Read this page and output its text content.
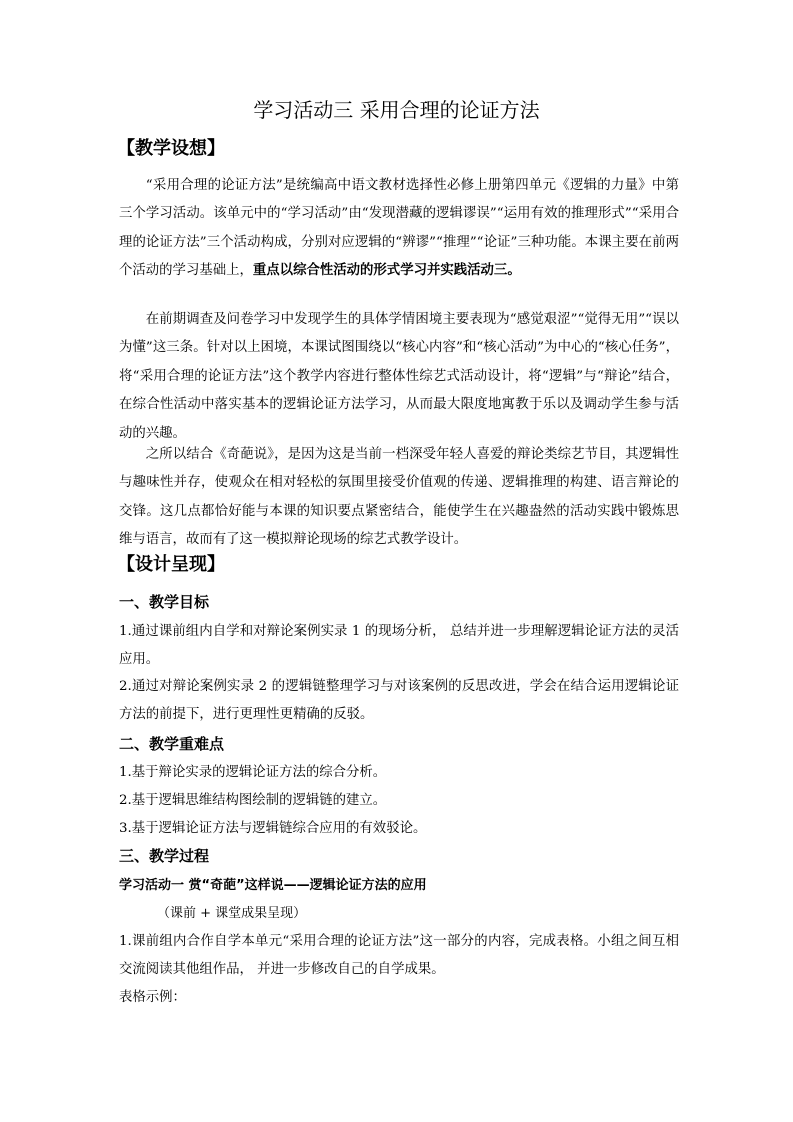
学习活动三 采用合理的论证方法
【教学设想】
“采用合理的论证方法”是统编高中语文教材选择性必修上册第四单元《逻辑的力量》中第三个学习活动。该单元中的“学习活动”由“发现潜藏的逻辑谬误”“运用有效的推理形式”“采用合理的论证方法”三个活动构成，分别对应逻辑的“辨谬”“推理”“论证”三种功能。本课主要在前两个活动的学习基础上，重点以综合性活动的形式学习并实践活动三。
在前期调查及问卷学习中发现学生的具体学情困境主要表现为“感觉艰涩”“觉得无用”“误以为懂”这三条。针对以上困境，本课试图围绕以“核心内容”和“核心活动”为中心的“核心任务”，将“采用合理的论证方法”这个教学内容进行整体性综艺式活动设计，将“逻辑”与“辩论”结合，在综合性活动中落实基本的逻辑论证方法学习，从而最大限度地寓教于乐以及调动学生参与活动的兴趣。
之所以结合《奇葩说》，是因为这是当前一档深受年轻人喜爱的辩论类综艺节目，其逻辑性与趣味性并存，使观众在相对轻松的氛围里接受价值观的传递、逻辑推理的构建、语言辩论的交锋。这几点都恰好能与本课的知识要点紧密结合，能使学生在兴趣盎然的活动实践中锻炼思维与语言，故而有了这一模拟辩论现场的综艺式教学设计。
【设计呈现】
一、教学目标
1.通过课前组内自学和对辩论案例实录 1 的现场分析， 总结并进一步理解逻辑论证方法的灵活应用。
2.通过对辩论案例实录 2 的逻辑链整理学习与对该案例的反思改进，学会在结合运用逻辑论证方法的前提下，进行更理性更精确的反驳。
二、教学重难点
1.基于辩论实录的逻辑论证方法的综合分析。
2.基于逻辑思维结构图绘制的逻辑链的建立。
3.基于逻辑论证方法与逻辑链综合应用的有效驳论。
三、教学过程
学习活动一 赏“奇葩”这样说——逻辑论证方法的应用
（课前 + 课堂成果呈现）
1.课前组内合作自学本单元“采用合理的论证方法”这一部分的内容，完成表格。小组之间互相交流阅读其他组作品， 并进一步修改自己的自学成果。
表格示例：
